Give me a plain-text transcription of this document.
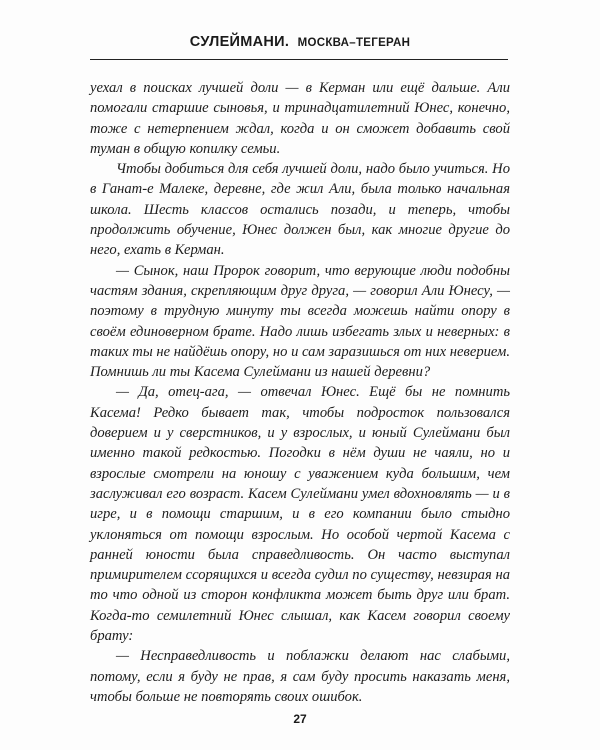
СУЛЕЙМАНИ. МОСКВА–ТЕГЕРАН

уехал в поисках лучшей доли — в Керман или ещё дальше. Али помогали старшие сыновья, и тринадцатилетний Юнес, конечно, тоже с нетерпением ждал, когда и он сможет добавить свой туман в общую копилку семьи.

Чтобы добиться для себя лучшей доли, надо было учиться. Но в Ганат-е Малеке, деревне, где жил Али, была только начальная школа. Шесть классов остались позади, и теперь, чтобы продолжить обучение, Юнес должен был, как многие другие до него, ехать в Керман.

— Сынок, наш Пророк говорит, что верующие люди подобны частям здания, скрепляющим друг друга, — говорил Али Юнесу, — поэтому в трудную минуту ты всегда можешь найти опору в своём единоверном брате. Надо лишь избегать злых и неверных: в таких ты не найдёшь опору, но и сам заразишься от них неверием. Помнишь ли ты Касема Сулеймани из нашей деревни?

— Да, отец-ага, — отвечал Юнес. Ещё бы не помнить Касема! Редко бывает так, чтобы подросток пользовался доверием и у сверстников, и у взрослых, и юный Сулеймани был именно такой редкостью. Погодки в нём души не чаяли, но и взрослые смотрели на юношу с уважением куда большим, чем заслуживал его возраст. Касем Сулеймани умел вдохновлять — и в игре, и в помощи старшим, и в его компании было стыдно уклоняться от помощи взрослым. Но особой чертой Касема с ранней юности была справедливость. Он часто выступал примирителем ссорящихся и всегда судил по существу, невзирая на то что одной из сторон конфликта может быть друг или брат. Когда-то семилетний Юнес слышал, как Касем говорил своему брату:

— Несправедливость и поблажки делают нас слабыми, потому, если я буду не прав, я сам буду просить наказать меня, чтобы больше не повторять своих ошибок.

27
